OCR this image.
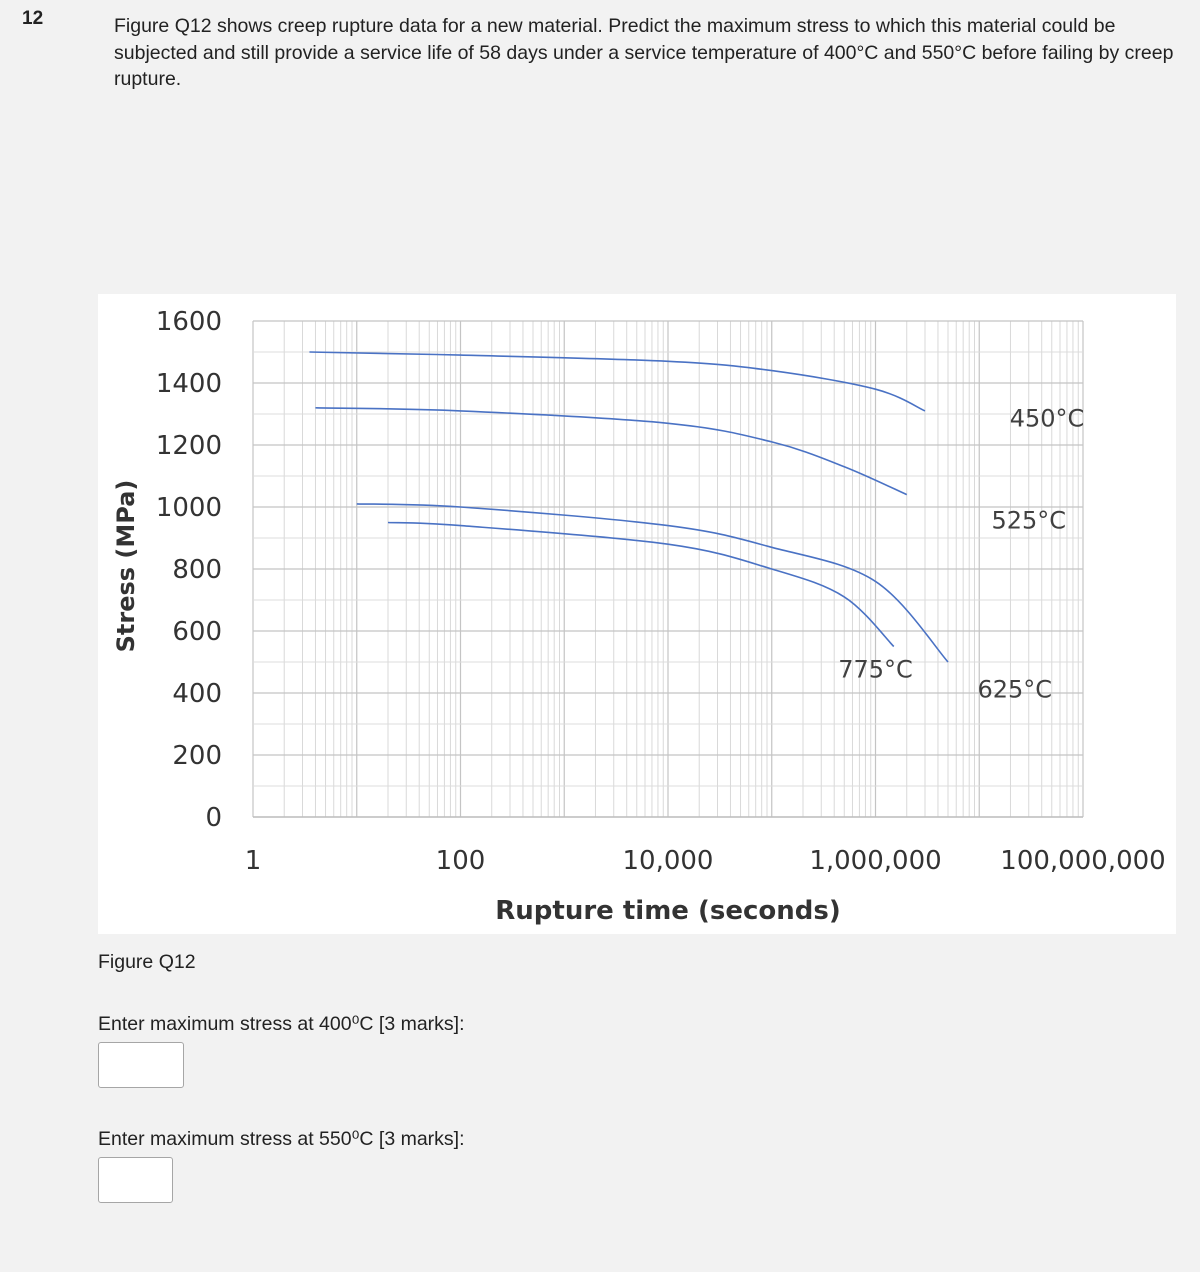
12	Figure Q12 shows creep rupture data for a new material. Predict the maximum stress to which this material could be subjected and still provide a service life of 58 days under a service temperature of 400°C and 550°C before failing by creep rupture.
Stress (MPa)
Rupture time (seconds)
0
200
400
600
800
1000
1200
1400
1600
1	100	10,000	1,000,000 100,000,000
450°C
525°C
775°C
625°C
Figure Q12
Enter maximum stress at 400⁰C [3 marks]:
Enter maximum stress at 550⁰C [3 marks]:
